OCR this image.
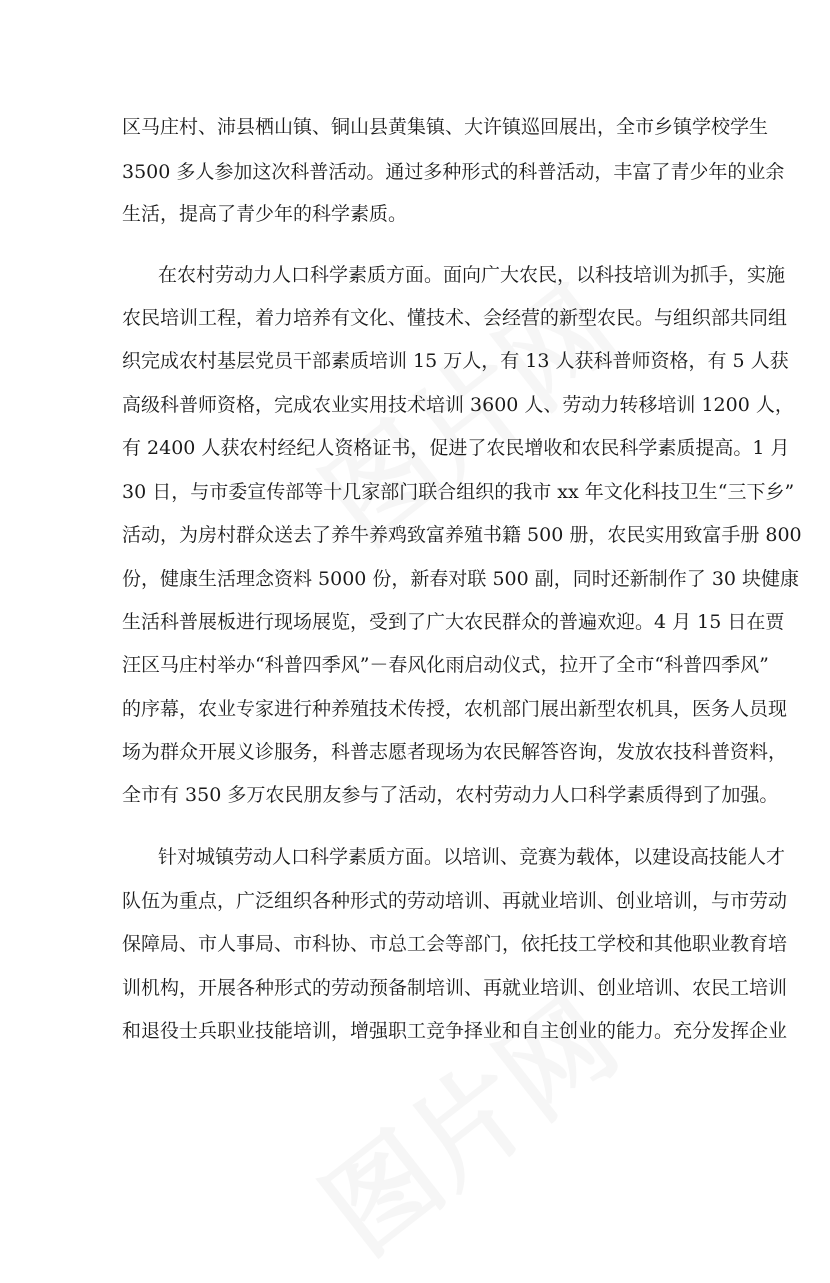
区马庄村、沛县栖山镇、铜山县黄集镇、大许镇巡回展出，全市乡镇学校学生
3500 多人参加这次科普活动。通过多种形式的科普活动，丰富了青少年的业余
生活，提高了青少年的科学素质。
在农村劳动力人口科学素质方面。面向广大农民，以科技培训为抓手，实施
农民培训工程，着力培养有文化、懂技术、会经营的新型农民。与组织部共同组
织完成农村基层党员干部素质培训 15 万人，有 13 人获科普师资格，有 5 人获
高级科普师资格，完成农业实用技术培训 3600 人、劳动力转移培训 1200 人，
有 2400 人获农村经纪人资格证书，促进了农民增收和农民科学素质提高。1 月
30 日，与市委宣传部等十几家部门联合组织的我市 xx 年文化科技卫生“三下乡”
活动，为房村群众送去了养牛养鸡致富养殖书籍 500 册，农民实用致富手册 800
份，健康生活理念资料 5000 份，新春对联 500 副，同时还新制作了 30 块健康
生活科普展板进行现场展览，受到了广大农民群众的普遍欢迎。4 月 15 日在贾
汪区马庄村举办“科普四季风”－春风化雨启动仪式，拉开了全市“科普四季风”
的序幕，农业专家进行种养殖技术传授，农机部门展出新型农机具，医务人员现
场为群众开展义诊服务，科普志愿者现场为农民解答咨询，发放农技科普资料，
全市有 350 多万农民朋友参与了活动，农村劳动力人口科学素质得到了加强。
针对城镇劳动人口科学素质方面。以培训、竞赛为载体，以建设高技能人才
队伍为重点，广泛组织各种形式的劳动培训、再就业培训、创业培训，与市劳动
保障局、市人事局、市科协、市总工会等部门，依托技工学校和其他职业教育培
训机构，开展各种形式的劳动预备制培训、再就业培训、创业培训、农民工培训
和退役士兵职业技能培训，增强职工竞争择业和自主创业的能力。充分发挥企业
